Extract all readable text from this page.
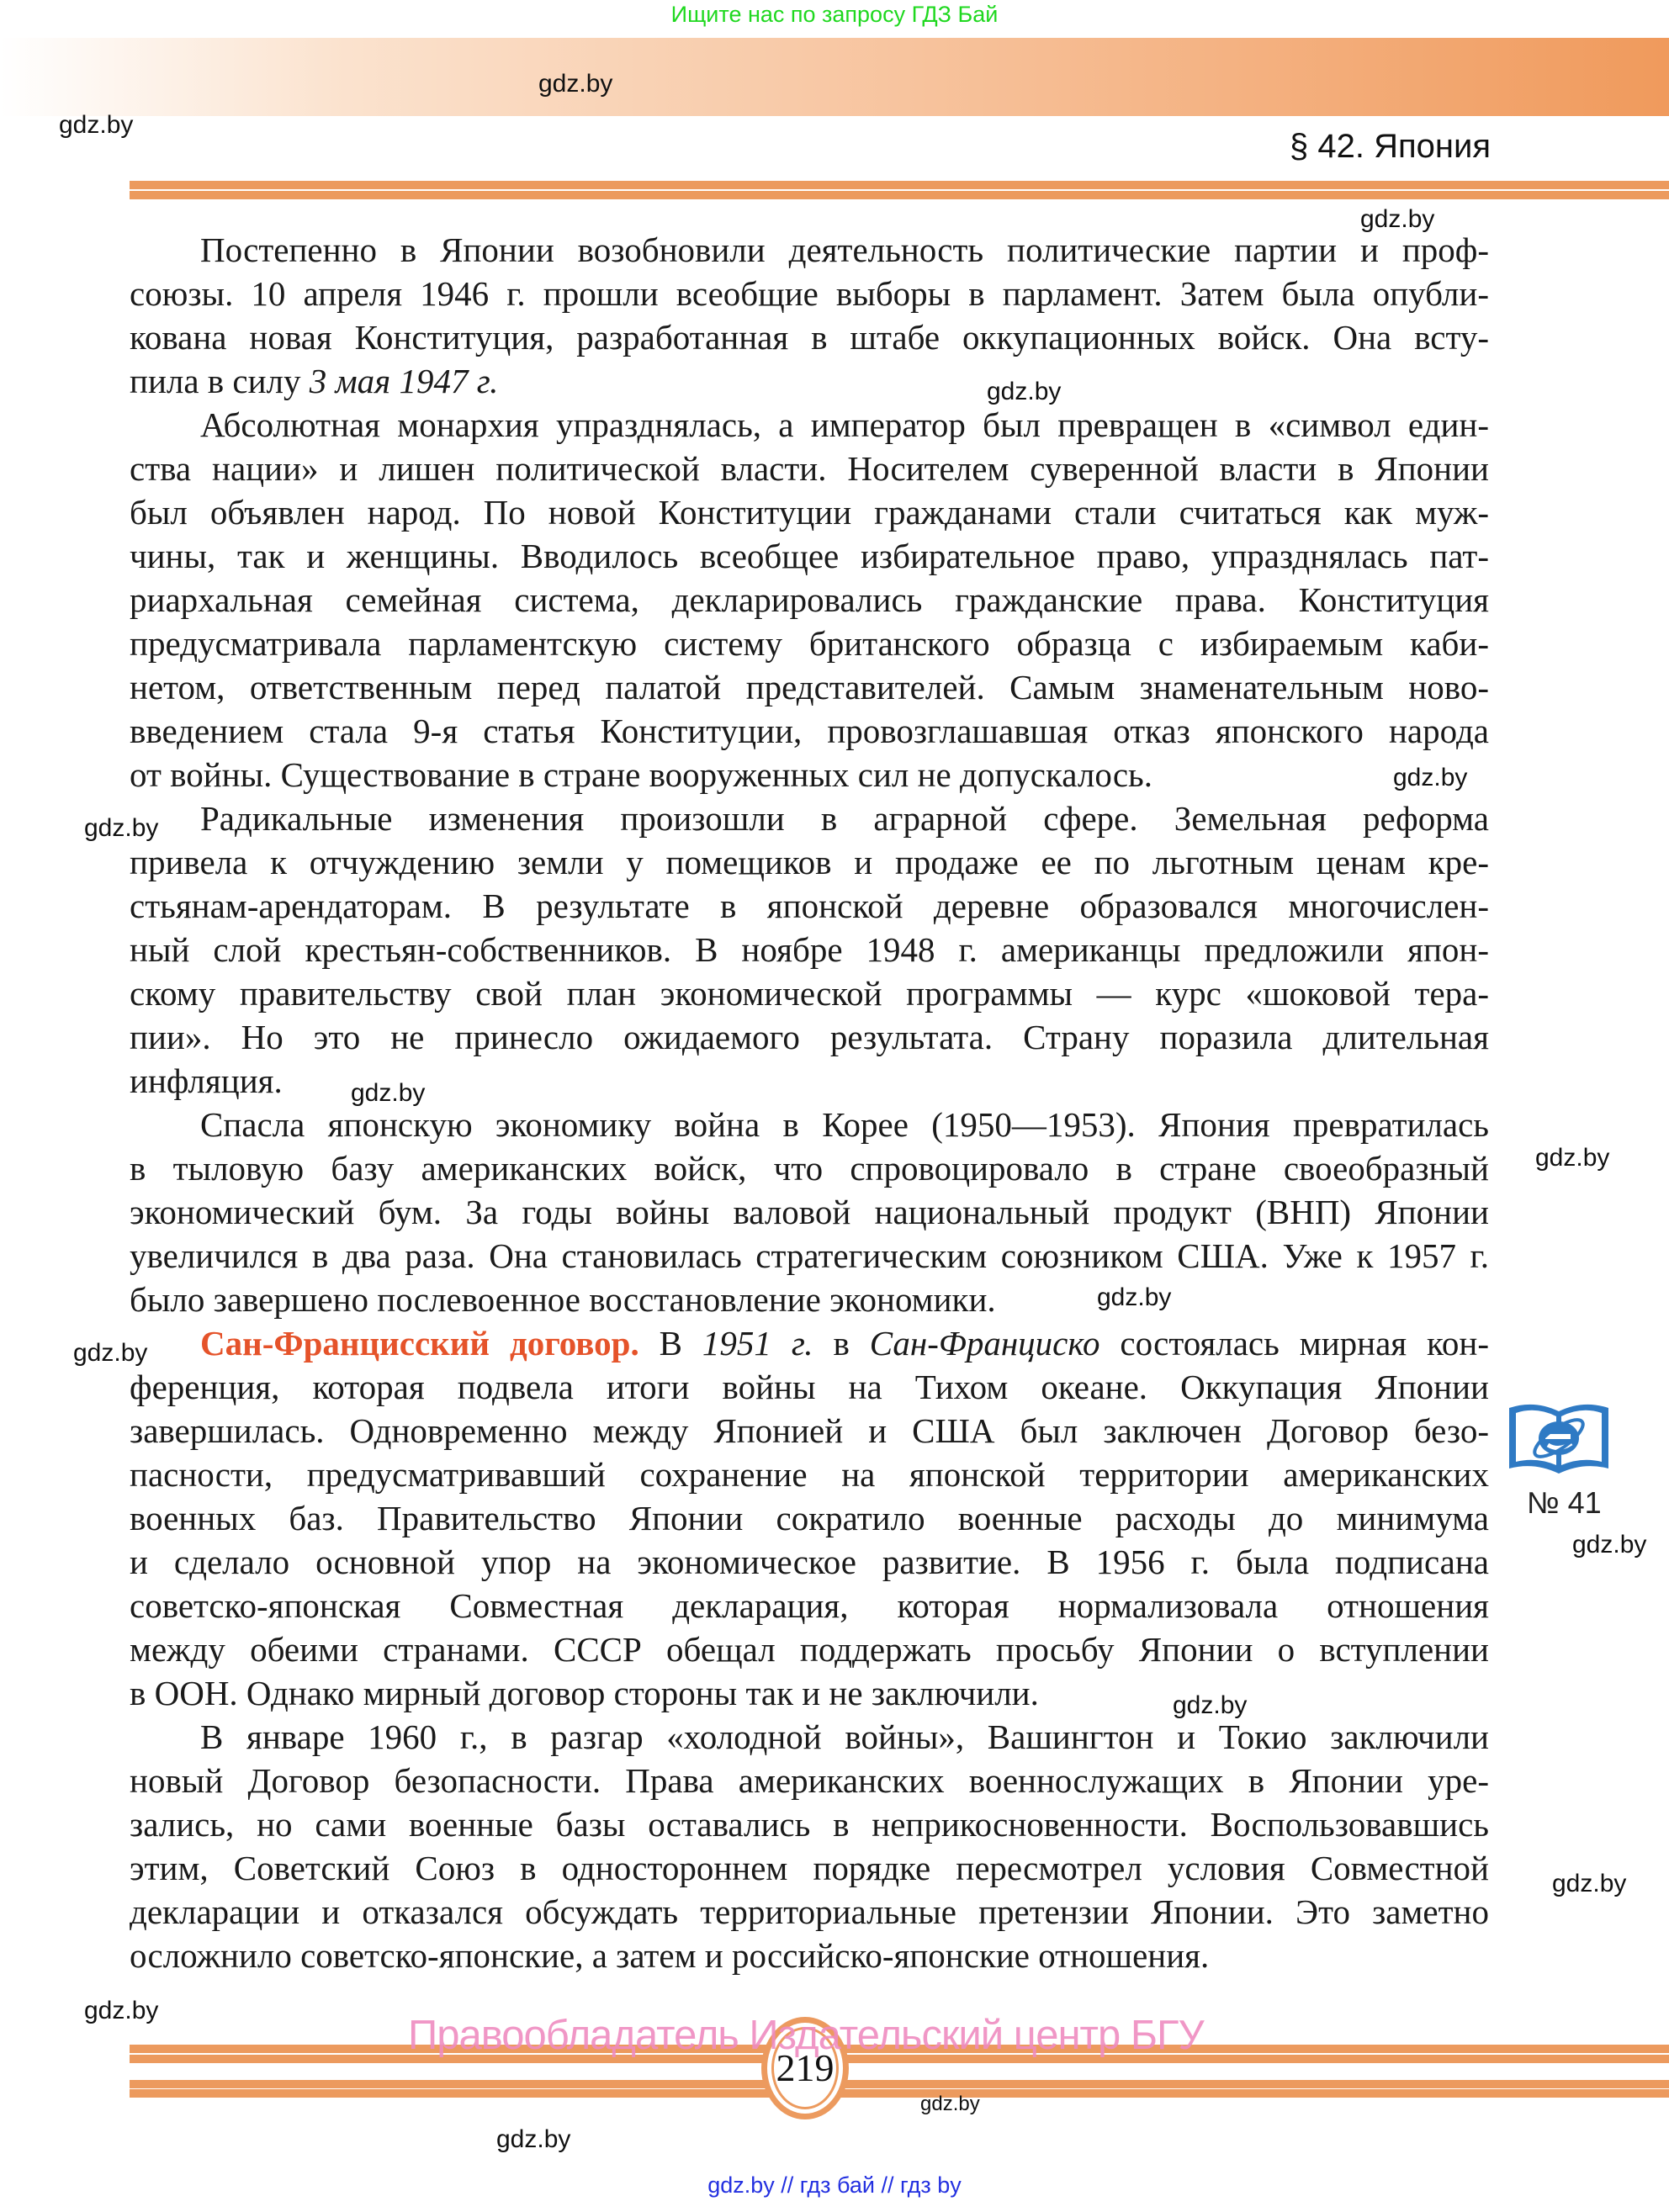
Ищите нас по запросу ГДЗ Бай
§ 42. Япония
Постепенно в Японии возобновили деятельность политические партии и проф-
союзы. 10 апреля 1946 г. прошли всеобщие выборы в парламент. Затем была опубли-
кована новая Конституция, разработанная в штабе оккупационных войск. Она всту-
пила в силу 3 мая 1947 г.
Абсолютная монархия упразднялась, а император был превращен в «символ един-
ства нации» и лишен политической власти. Носителем суверенной власти в Японии
был объявлен народ. По новой Конституции гражданами стали считаться как муж-
чины, так и женщины. Вводилось всеобщее избирательное право, упразднялась пат-
риархальная семейная система, декларировались гражданские права. Конституция
предусматривала парламентскую систему британского образца с избираемым каби-
нетом, ответственным перед палатой представителей. Самым знаменательным ново-
введением стала 9-я статья Конституции, провозглашавшая отказ японского народа
от войны. Существование в стране вооруженных сил не допускалось.
Радикальные изменения произошли в аграрной сфере. Земельная реформа
привела к отчуждению земли у помещиков и продаже ее по льготным ценам кре-
стьянам-арендаторам. В результате в японской деревне образовался многочислен-
ный слой крестьян-собственников. В ноябре 1948 г. американцы предложили япон-
скому правительству свой план экономической программы — курс «шоковой тера-
пии». Но это не принесло ожидаемого результата. Страну поразила длительная
инфляция.
Спасла японскую экономику война в Корее (1950—1953). Япония превратилась
в тыловую базу американских войск, что спровоцировало в стране своеобразный
экономический бум. За годы войны валовой национальный продукт (ВНП) Японии
увеличился в два раза. Она становилась стратегическим союзником США. Уже к 1957 г.
было завершено послевоенное восстановление экономики.
Сан-Францисский договор. В 1951 г. в Сан-Франциско состоялась мирная кон-
ференция, которая подвела итоги войны на Тихом океане. Оккупация Японии
завершилась. Одновременно между Японией и США был заключен Договор безо-
пасности, предусматривавший сохранение на японской территории американских
военных баз. Правительство Японии сократило военные расходы до минимума
и сделало основной упор на экономическое развитие. В 1956 г. была подписана
советско-японская Совместная декларация, которая нормализовала отношения
между обеими странами. СССР обещал поддержать просьбу Японии о вступлении
в ООН. Однако мирный договор стороны так и не заключили.
В январе 1960 г., в разгар «холодной войны», Вашингтон и Токио заключили
новый Договор безопасности. Права американских военнослужащих в Японии уре-
зались, но сами военные базы оставались в неприкосновенности. Воспользовавшись
этим, Советский Союз в одностороннем порядке пересмотрел условия Совместной
декларации и отказался обсуждать территориальные претензии Японии. Это заметно
осложнило советско-японские, а затем и российско-японские отношения.
№ 41
219
Правообладатель Издательский центр БГУ
gdz.by // гдз бай // гдз by
gdz.by
gdz.by
gdz.by
gdz.by
gdz.by
gdz.by
gdz.by
gdz.by
gdz.by
gdz.by
gdz.by
gdz.by
gdz.by
gdz.by
gdz.by
gdz.by
